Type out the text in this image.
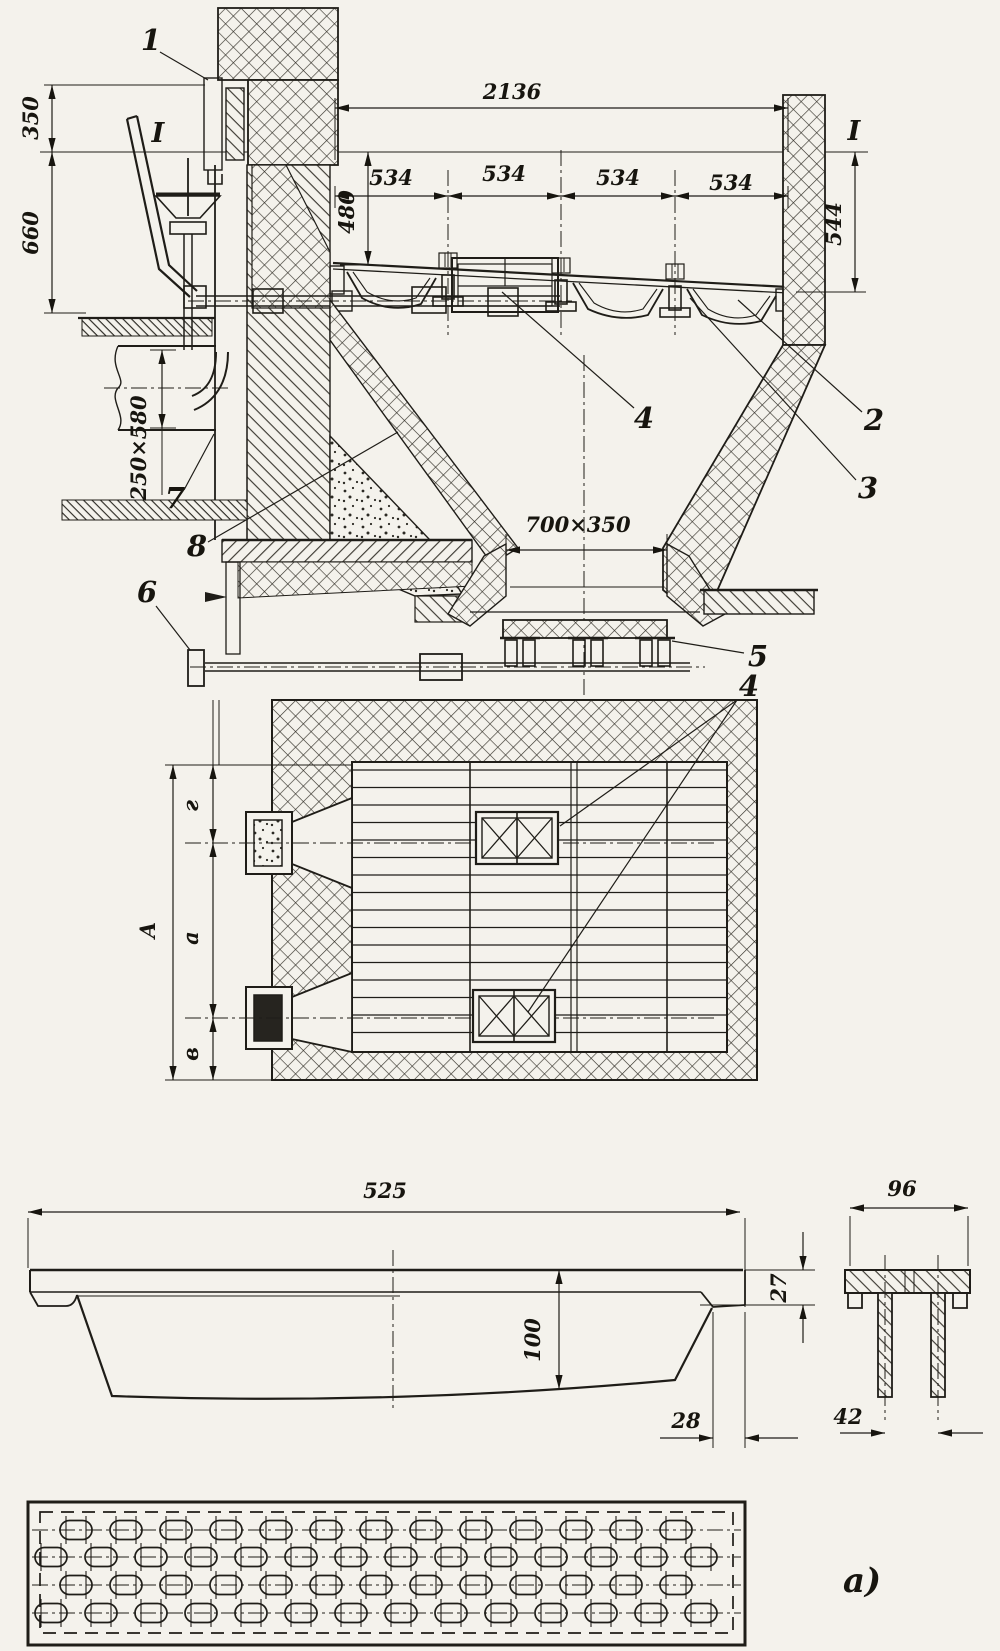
350
660
2136
534	534	534	534
480	544
250×580
700×350
I	I
1
2
3
4
5
6
7
8
4
А
г
а
в
525
100
27
28
96
42
а)
